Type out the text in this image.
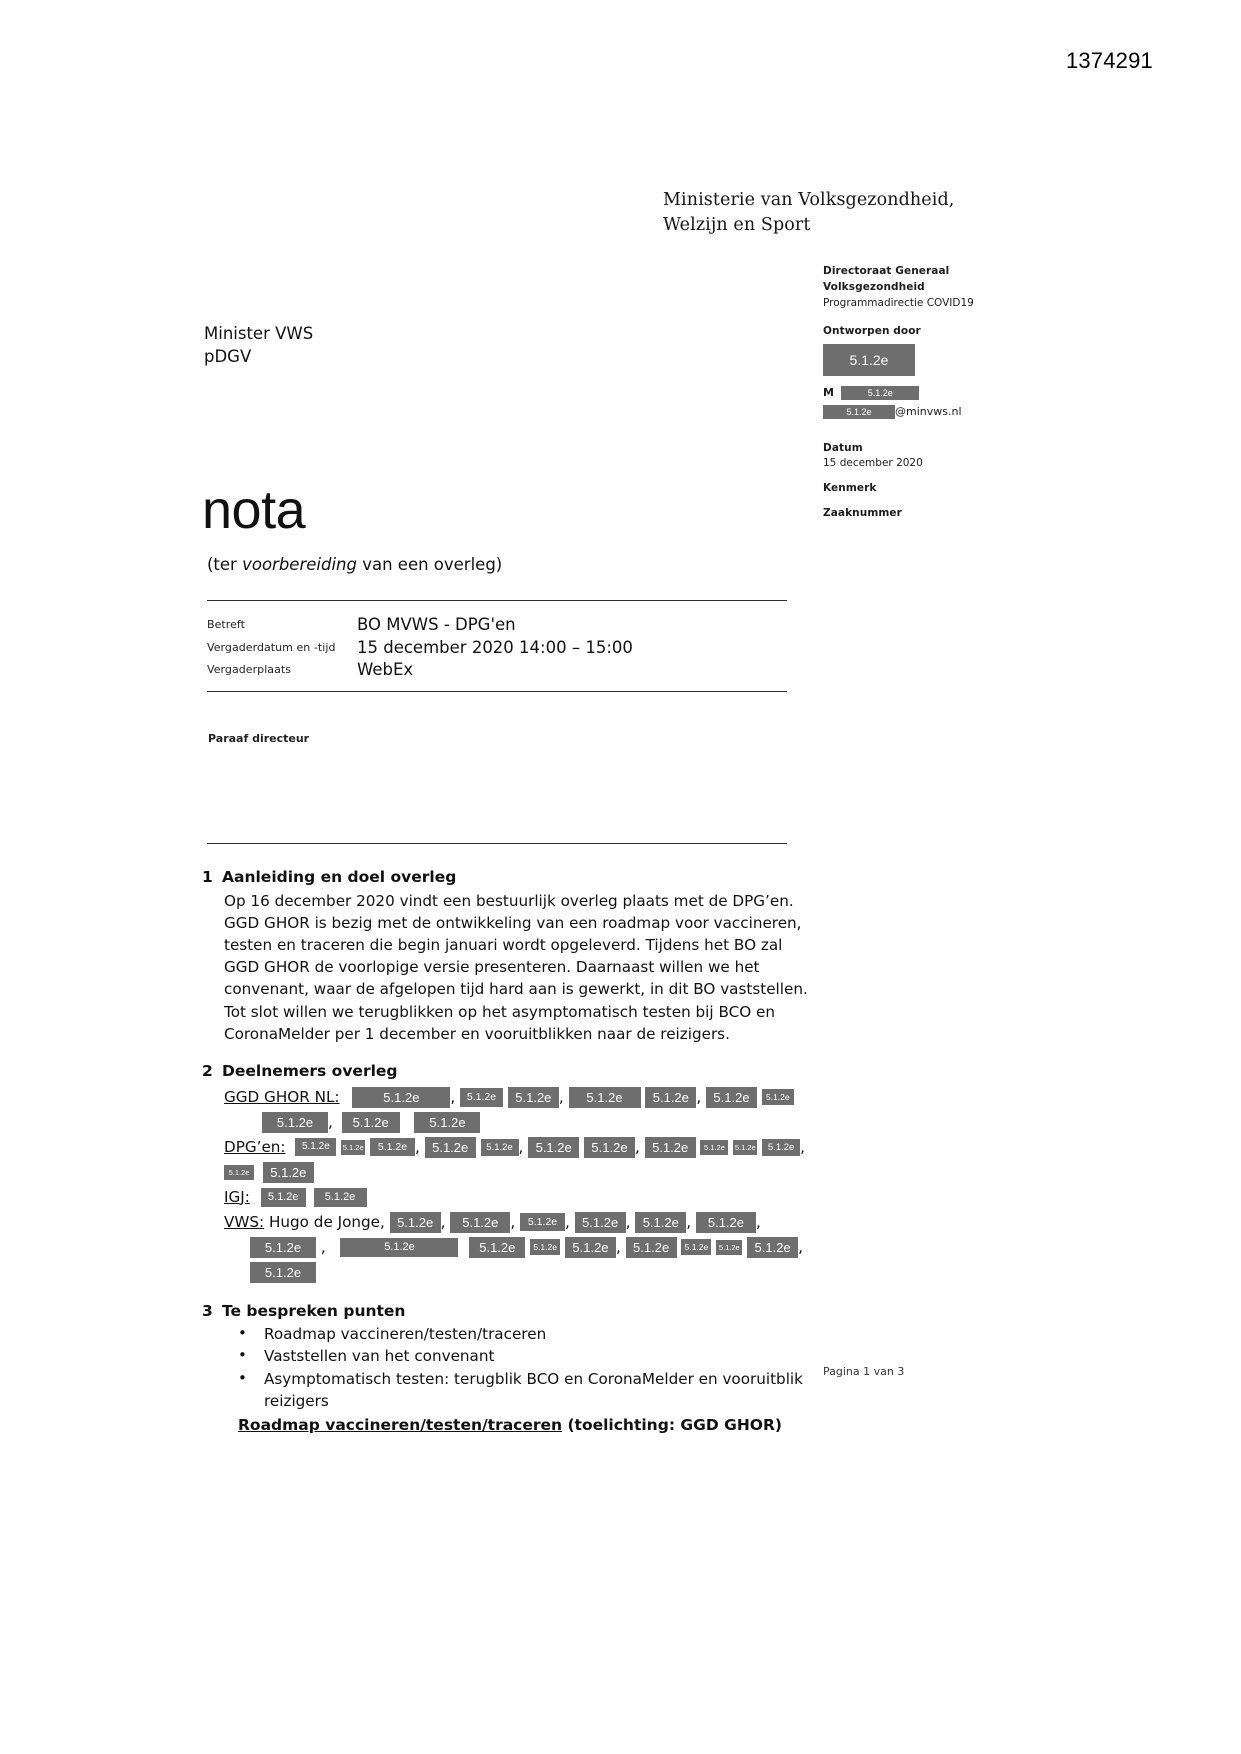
1374291
Ministerie van Volksgezondheid,
Welzijn en Sport
Directoraat Generaal
Volksgezondheid
Programmadirectie COVID19
Ontworpen door
5.1.2e
M	5.1.2e
5.1.2e @minvws.nl
Datum
15 december 2020
Kenmerk
Zaaknummer
Minister VWS
pDGV
nota
(ter voorbereiding van een overleg)
Betreft	BO MVWS - DPG'en
Vergaderdatum en -tijd	15 december 2020 14:00 – 15:00
Vergaderplaats	WebEx
Paraaf directeur
1 Aanleiding en doel overleg
Op 16 december 2020 vindt een bestuurlijk overleg plaats met de DPG’en. GGD GHOR is bezig met de ontwikkeling van een roadmap voor vaccineren, testen en traceren die begin januari wordt opgeleverd. Tijdens het BO zal GGD GHOR de voorlopige versie presenteren. Daarnaast willen we het convenant, waar de afgelopen tijd hard aan is gewerkt, in dit BO vaststellen. Tot slot willen we terugblikken op het asymptomatisch testen bij BCO en CoronaMelder per 1 december en vooruitblikken naar de reizigers.
2 Deelnemers overleg
GGD GHOR NL:	5.1.2e , 5.1.2e 5.1.2e , 5.1.2e 5.1.2e , 5.1.2e 5.1.2e
5.1.2e , 5.1.2e	5.1.2e
DPG’en: 5.1.2e 5.1.2e 5.1.2e , 5.1.2e 5.1.2e , 5.1.2e 5.1.2e , 5.1.2e 5.1.2e 5.1.2e 5.1.2e ,
5.1.2e 5.1.2e
IGJ: 5.1.2e 5.1.2e
VWS: Hugo de Jonge, 5.1.2e , 5.1.2e , 5.1.2e , 5.1.2e , 5.1.2e , 5.1.2e ,
5.1.2e ,	5.1.2e	5.1.2e 5.1.2e 5.1.2e , 5.1.2e 5.1.2e 5.1.2e 5.1.2e ,
5.1.2e
3 Te bespreken punten
•	Roadmap vaccineren/testen/traceren
•	Vaststellen van het convenant
•	Asymptomatisch testen: terugblik BCO en CoronaMelder en vooruitblik reizigers
Roadmap vaccineren/testen/traceren (toelichting: GGD GHOR)
Pagina 1 van 3
